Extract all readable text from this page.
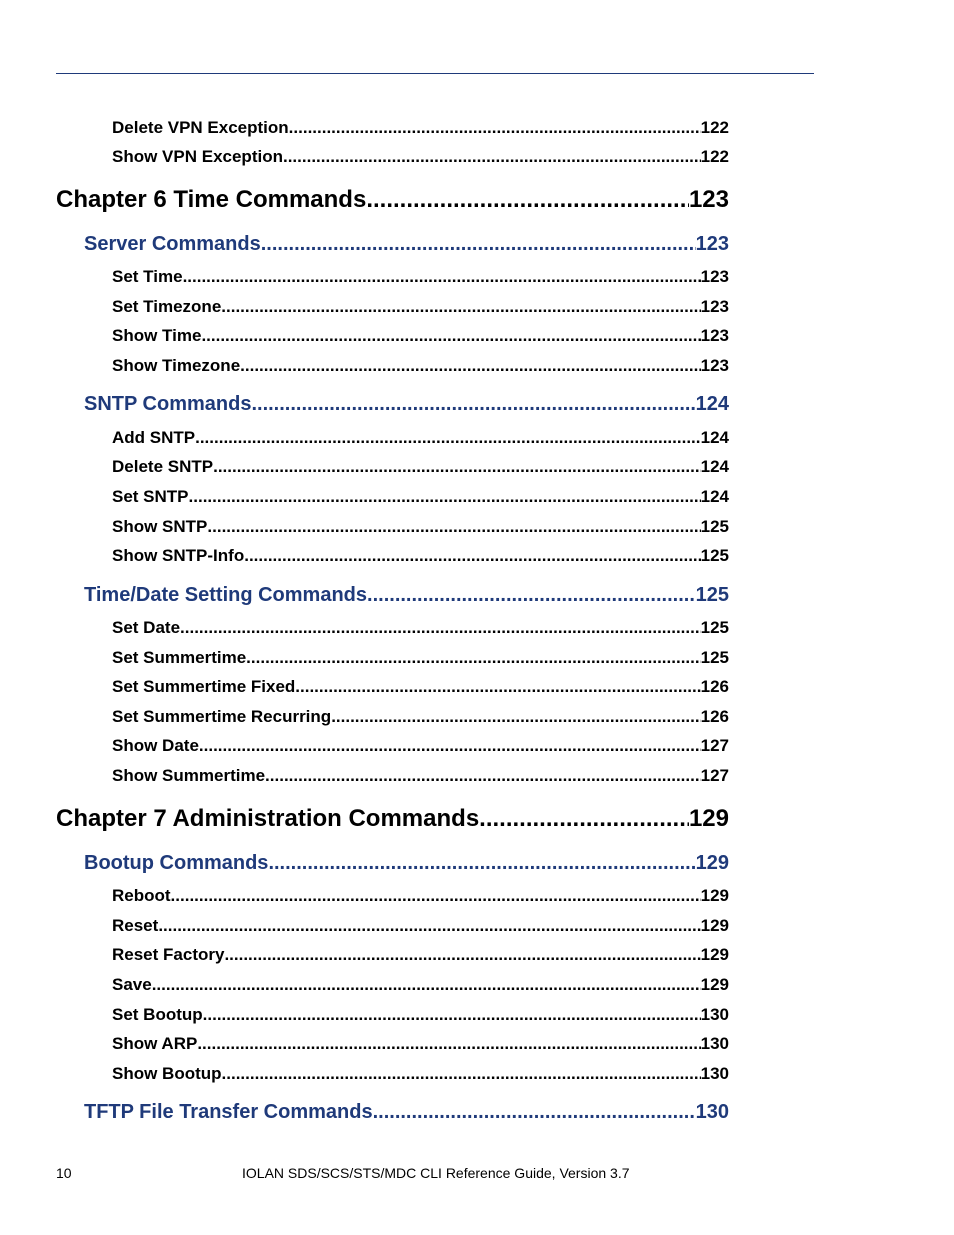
Delete VPN Exception .....	122
Show VPN Exception .....	122
Chapter 6 Time Commands .....	123
Server Commands .....	123
Set Time .....	123
Set Timezone .....	123
Show Time .....	123
Show Timezone .....	123
SNTP Commands .....	124
Add SNTP .....	124
Delete SNTP .....	124
Set SNTP .....	124
Show SNTP .....	125
Show SNTP-Info .....	125
Time/Date Setting Commands .....	125
Set Date .....	125
Set Summertime .....	125
Set Summertime Fixed .....	126
Set Summertime Recurring .....	126
Show Date .....	127
Show Summertime .....	127
Chapter 7 Administration Commands .....	129
Bootup Commands .....	129
Reboot .....	129
Reset .....	129
Reset Factory .....	129
Save .....	129
Set Bootup .....	130
Show ARP .....	130
Show Bootup .....	130
TFTP File Transfer Commands .....	130
10	IOLAN SDS/SCS/STS/MDC CLI Reference Guide, Version 3.7
